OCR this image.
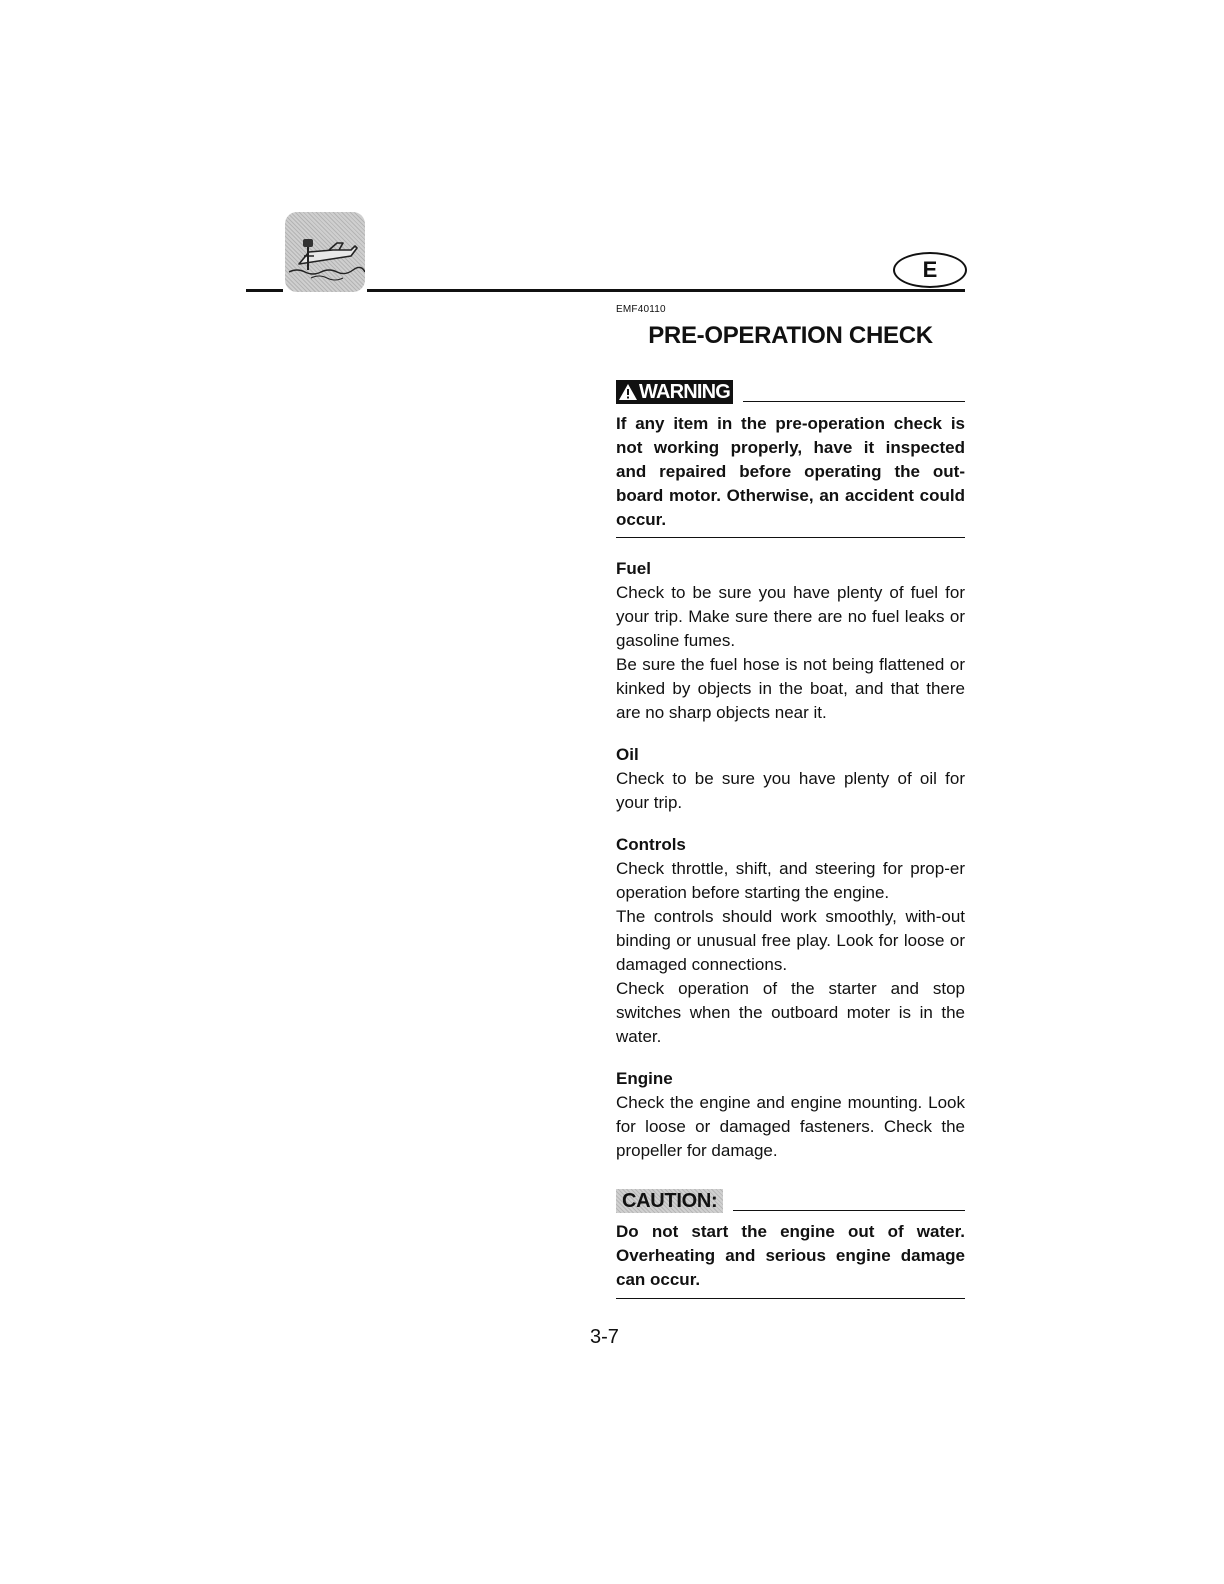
E
EMF40110
PRE-OPERATION CHECK
WARNING

If any item in the pre-operation check is not working properly, have it inspected and repaired before operating the out-board motor. Otherwise, an accident could occur.

Fuel

Check to be sure you have plenty of fuel for your trip. Make sure there are no fuel leaks or gasoline fumes.

Be sure the fuel hose is not being flattened or kinked by objects in the boat, and that there are no sharp objects near it.

Oil

Check to be sure you have plenty of oil for your trip.

Controls

Check throttle, shift, and steering for prop-er operation before starting the engine.

The controls should work smoothly, with-out binding or unusual free play. Look for loose or damaged connections.

Check operation of the starter and stop switches when the outboard moter is in the water.

Engine

Check the engine and engine mounting. Look for loose or damaged fasteners. Check the propeller for damage.

CAUTION:

Do not start the engine out of water. Overheating and serious engine damage can occur.

3-7
